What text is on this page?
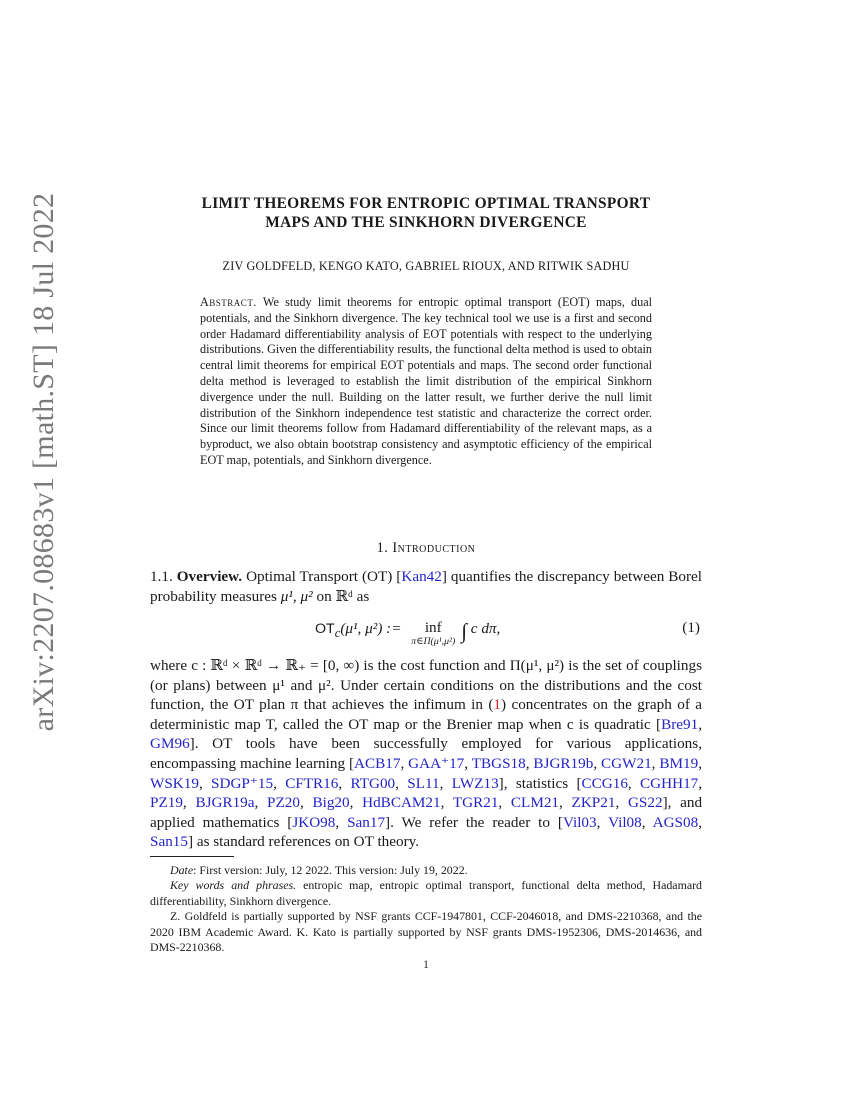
arXiv:2207.08683v1 [math.ST] 18 Jul 2022	LIMIT THEOREMS FOR ENTROPIC OPTIMAL TRANSPORT
MAPS AND THE SINKHORN DIVERGENCE
ZIV GOLDFELD, KENGO KATO, GABRIEL RIOUX, AND RITWIK SADHU
Abstract. We study limit theorems for entropic optimal transport (EOT) maps, dual potentials, and the Sinkhorn divergence. The key technical tool we use is a first and second order Hadamard differentiability analysis of EOT potentials with respect to the underlying distributions. Given the differentiability results, the functional delta method is used to obtain central limit theorems for empirical EOT potentials and maps. The second order functional delta method is leveraged to establish the limit distribution of the empirical Sinkhorn divergence under the null. Building on the latter result, we further derive the null limit distribution of the Sinkhorn independence test statistic and characterize the correct order. Since our limit theorems follow from Hadamard differentiability of the relevant maps, as a byproduct, we also obtain bootstrap consistency and asymptotic efficiency of the empirical EOT map, potentials, and Sinkhorn divergence.
1. Introduction
1.1. Overview. Optimal Transport (OT) [Kan42] quantifies the discrepancy between Borel probability measures μ¹, μ² on ℝᵈ as
$OT_c(\mu^1$, μ²) :=	inf
π∈Π(μ¹,μ²) ∫ c dπ,	(1)
where c : ℝᵈ × ℝᵈ → ℝ₊ = [0, ∞) is the cost function and Π(μ¹, μ²) is the set of couplings (or plans) between μ¹ and μ². Under certain conditions on the distributions and the cost function, the OT plan π that achieves the infimum in (1) concentrates on the graph of a deterministic map T, called the OT map or the Brenier map when c is quadratic [Bre91, GM96]. OT tools have been successfully employed for various applications, encompassing machine learning [ACB17, GAA⁺17, TBGS18, BJGR19b, CGW21, BM19, WSK19, SDGP⁺15, CFTR16, RTG00, SL11, LWZ13], statistics [CCG16, CGHH17, PZ19, BJGR19a, PZ20, Big20, HdBCAM21, TGR21, CLM21, ZKP21, GS22], and applied mathematics [JKO98, San17]. We refer the reader to [Vil03, Vil08, AGS08, San15] as standard references on OT theory.

Date: First version: July, 12 2022. This version: July 19, 2022.

Key words and phrases. entropic map, entropic optimal transport, functional delta method, Hadamard differentiability, Sinkhorn divergence.

Z. Goldfeld is partially supported by NSF grants CCF-1947801, CCF-2046018, and DMS-2210368, and the 2020 IBM Academic Award. K. Kato is partially supported by NSF grants DMS-1952306, DMS-2014636, and DMS-2210368.

1
